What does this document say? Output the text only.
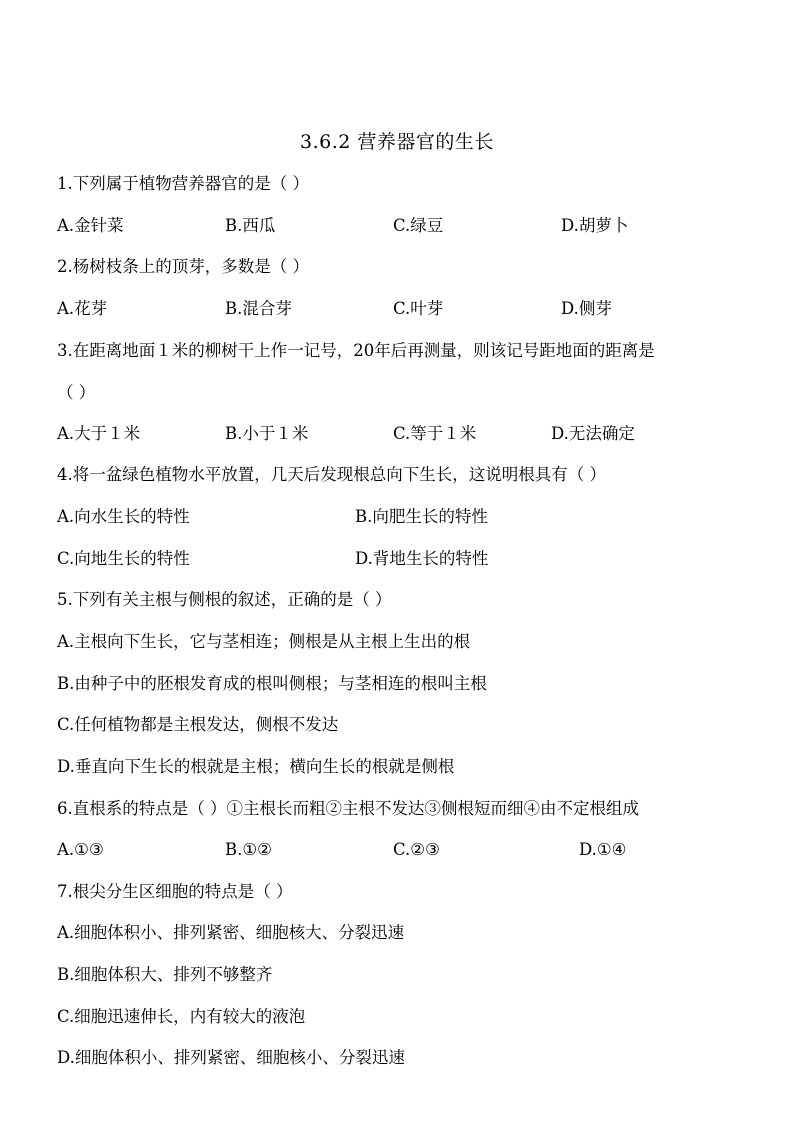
3.6.2 营养器官的生长
1.下列属于植物营养器官的是（ ）
A.金针菜	B.西瓜	C.绿豆	D.胡萝卜
2.杨树枝条上的顶芽，多数是（ ）
A.花芽	B.混合芽	C.叶芽	D.侧芽
3.在距离地面１米的柳树干上作一记号，20年后再测量，则该记号距地面的距离是
（ ）
A.大于１米	B.小于１米	C.等于１米	D.无法确定
4.将一盆绿色植物水平放置，几天后发现根总向下生长，这说明根具有（ ）
A.向水生长的特性	B.向肥生长的特性
C.向地生长的特性	D.背地生长的特性
5.下列有关主根与侧根的叙述，正确的是（ ）
A.主根向下生长，它与茎相连；侧根是从主根上生出的根
B.由种子中的胚根发育成的根叫侧根；与茎相连的根叫主根
C.任何植物都是主根发达，侧根不发达
D.垂直向下生长的根就是主根；横向生长的根就是侧根
6.直根系的特点是（ ）①主根长而粗②主根不发达③侧根短而细④由不定根组成
A.①③	B.①②	C.②③	D.①④
7.根尖分生区细胞的特点是（ ）
A.细胞体积小、排列紧密、细胞核大、分裂迅速
B.细胞体积大、排列不够整齐
C.细胞迅速伸长，内有较大的液泡
D.细胞体积小、排列紧密、细胞核小、分裂迅速
